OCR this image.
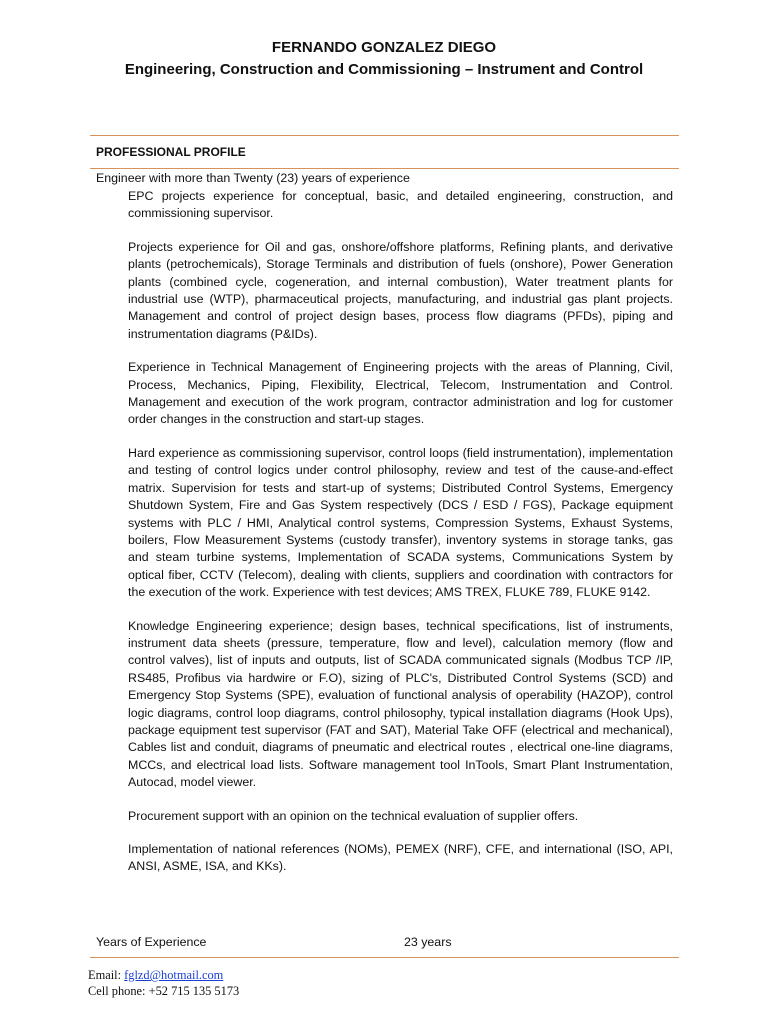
FERNANDO GONZALEZ DIEGO
Engineering, Construction and Commissioning – Instrument and Control
PROFESSIONAL PROFILE
Engineer with more than Twenty (23) years of experience

EPC projects experience for conceptual, basic, and detailed engineering, construction, and commissioning supervisor.

Projects experience for Oil and gas, onshore/offshore platforms, Refining plants, and derivative plants (petrochemicals), Storage Terminals and distribution of fuels (onshore), Power Generation plants (combined cycle, cogeneration, and internal combustion), Water treatment plants for industrial use (WTP), pharmaceutical projects, manufacturing, and industrial gas plant projects. Management and control of project design bases, process flow diagrams (PFDs), piping and instrumentation diagrams (P&IDs).

Experience in Technical Management of Engineering projects with the areas of Planning, Civil, Process, Mechanics, Piping, Flexibility, Electrical, Telecom, Instrumentation and Control. Management and execution of the work program, contractor administration and log for customer order changes in the construction and start-up stages.

Hard experience as commissioning supervisor, control loops (field instrumentation), implementation and testing of control logics under control philosophy, review and test of the cause-and-effect matrix. Supervision for tests and start-up of systems; Distributed Control Systems, Emergency Shutdown System, Fire and Gas System respectively (DCS / ESD / FGS), Package equipment systems with PLC / HMI, Analytical control systems, Compression Systems, Exhaust Systems, boilers, Flow Measurement Systems (custody transfer), inventory systems in storage tanks, gas and steam turbine systems, Implementation of SCADA systems, Communications System by optical fiber, CCTV (Telecom), dealing with clients, suppliers and coordination with contractors for the execution of the work. Experience with test devices; AMS TREX, FLUKE 789, FLUKE 9142.

Knowledge Engineering experience; design bases, technical specifications, list of instruments, instrument data sheets (pressure, temperature, flow and level), calculation memory (flow and control valves), list of inputs and outputs, list of SCADA communicated signals (Modbus TCP /IP, RS485, Profibus via hardwire or F.O), sizing of PLC's, Distributed Control Systems (SCD) and Emergency Stop Systems (SPE), evaluation of functional analysis of operability (HAZOP), control logic diagrams, control loop diagrams, control philosophy, typical installation diagrams (Hook Ups), package equipment test supervisor (FAT and SAT), Material Take OFF (electrical and mechanical), Cables list and conduit, diagrams of pneumatic and electrical routes , electrical one-line diagrams, MCCs, and electrical load lists. Software management tool InTools, Smart Plant Instrumentation, Autocad, model viewer.

Procurement support with an opinion on the technical evaluation of supplier offers.

Implementation of national references (NOMs), PEMEX (NRF), CFE, and international (ISO, API, ANSI, ASME, ISA, and KKs).

Years of Experience	23 years
Email: fglzd@hotmail.com
Cell phone: +52 715 135 5173
